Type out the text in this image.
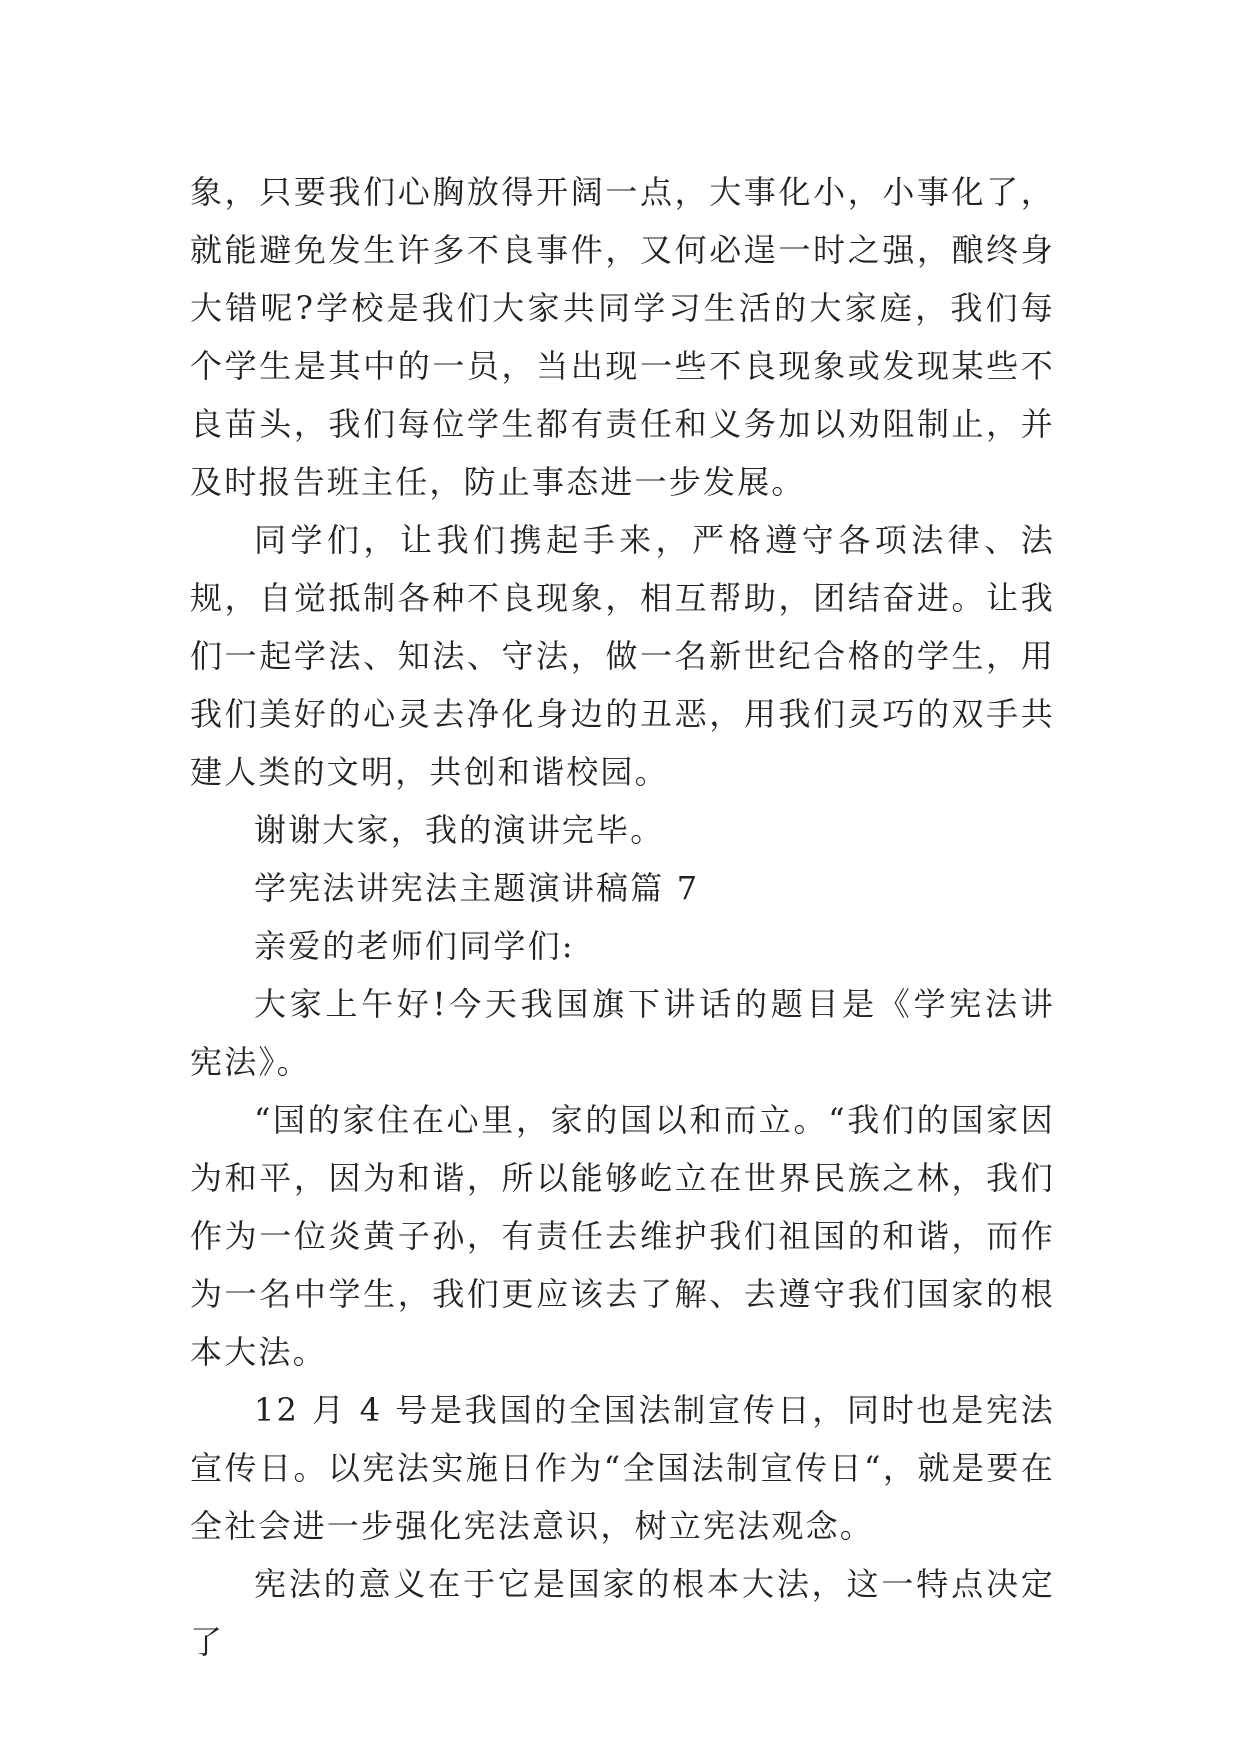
象，只要我们心胸放得开阔一点，大事化小，小事化了，就能避免发生许多不良事件，又何必逞一时之强，酿终身大错呢?学校是我们大家共同学习生活的大家庭，我们每个学生是其中的一员，当出现一些不良现象或发现某些不良苗头，我们每位学生都有责任和义务加以劝阻制止，并及时报告班主任，防止事态进一步发展。

同学们，让我们携起手来，严格遵守各项法律、法规，自觉抵制各种不良现象，相互帮助，团结奋进。让我们一起学法、知法、守法，做一名新世纪合格的学生，用我们美好的心灵去净化身边的丑恶，用我们灵巧的双手共建人类的文明，共创和谐校园。

谢谢大家，我的演讲完毕。

学宪法讲宪法主题演讲稿篇 7

亲爱的老师们同学们:

大家上午好!今天我国旗下讲话的题目是《学宪法讲宪法》。

“国的家住在心里，家的国以和而立。“我们的国家因为和平，因为和谐，所以能够屹立在世界民族之林，我们作为一位炎黄子孙，有责任去维护我们祖国的和谐，而作为一名中学生，我们更应该去了解、去遵守我们国家的根本大法。

12 月 4 号是我国的全国法制宣传日，同时也是宪法宣传日。以宪法实施日作为“全国法制宣传日“，就是要在全社会进一步强化宪法意识，树立宪法观念。

宪法的意义在于它是国家的根本大法，这一特点决定了
